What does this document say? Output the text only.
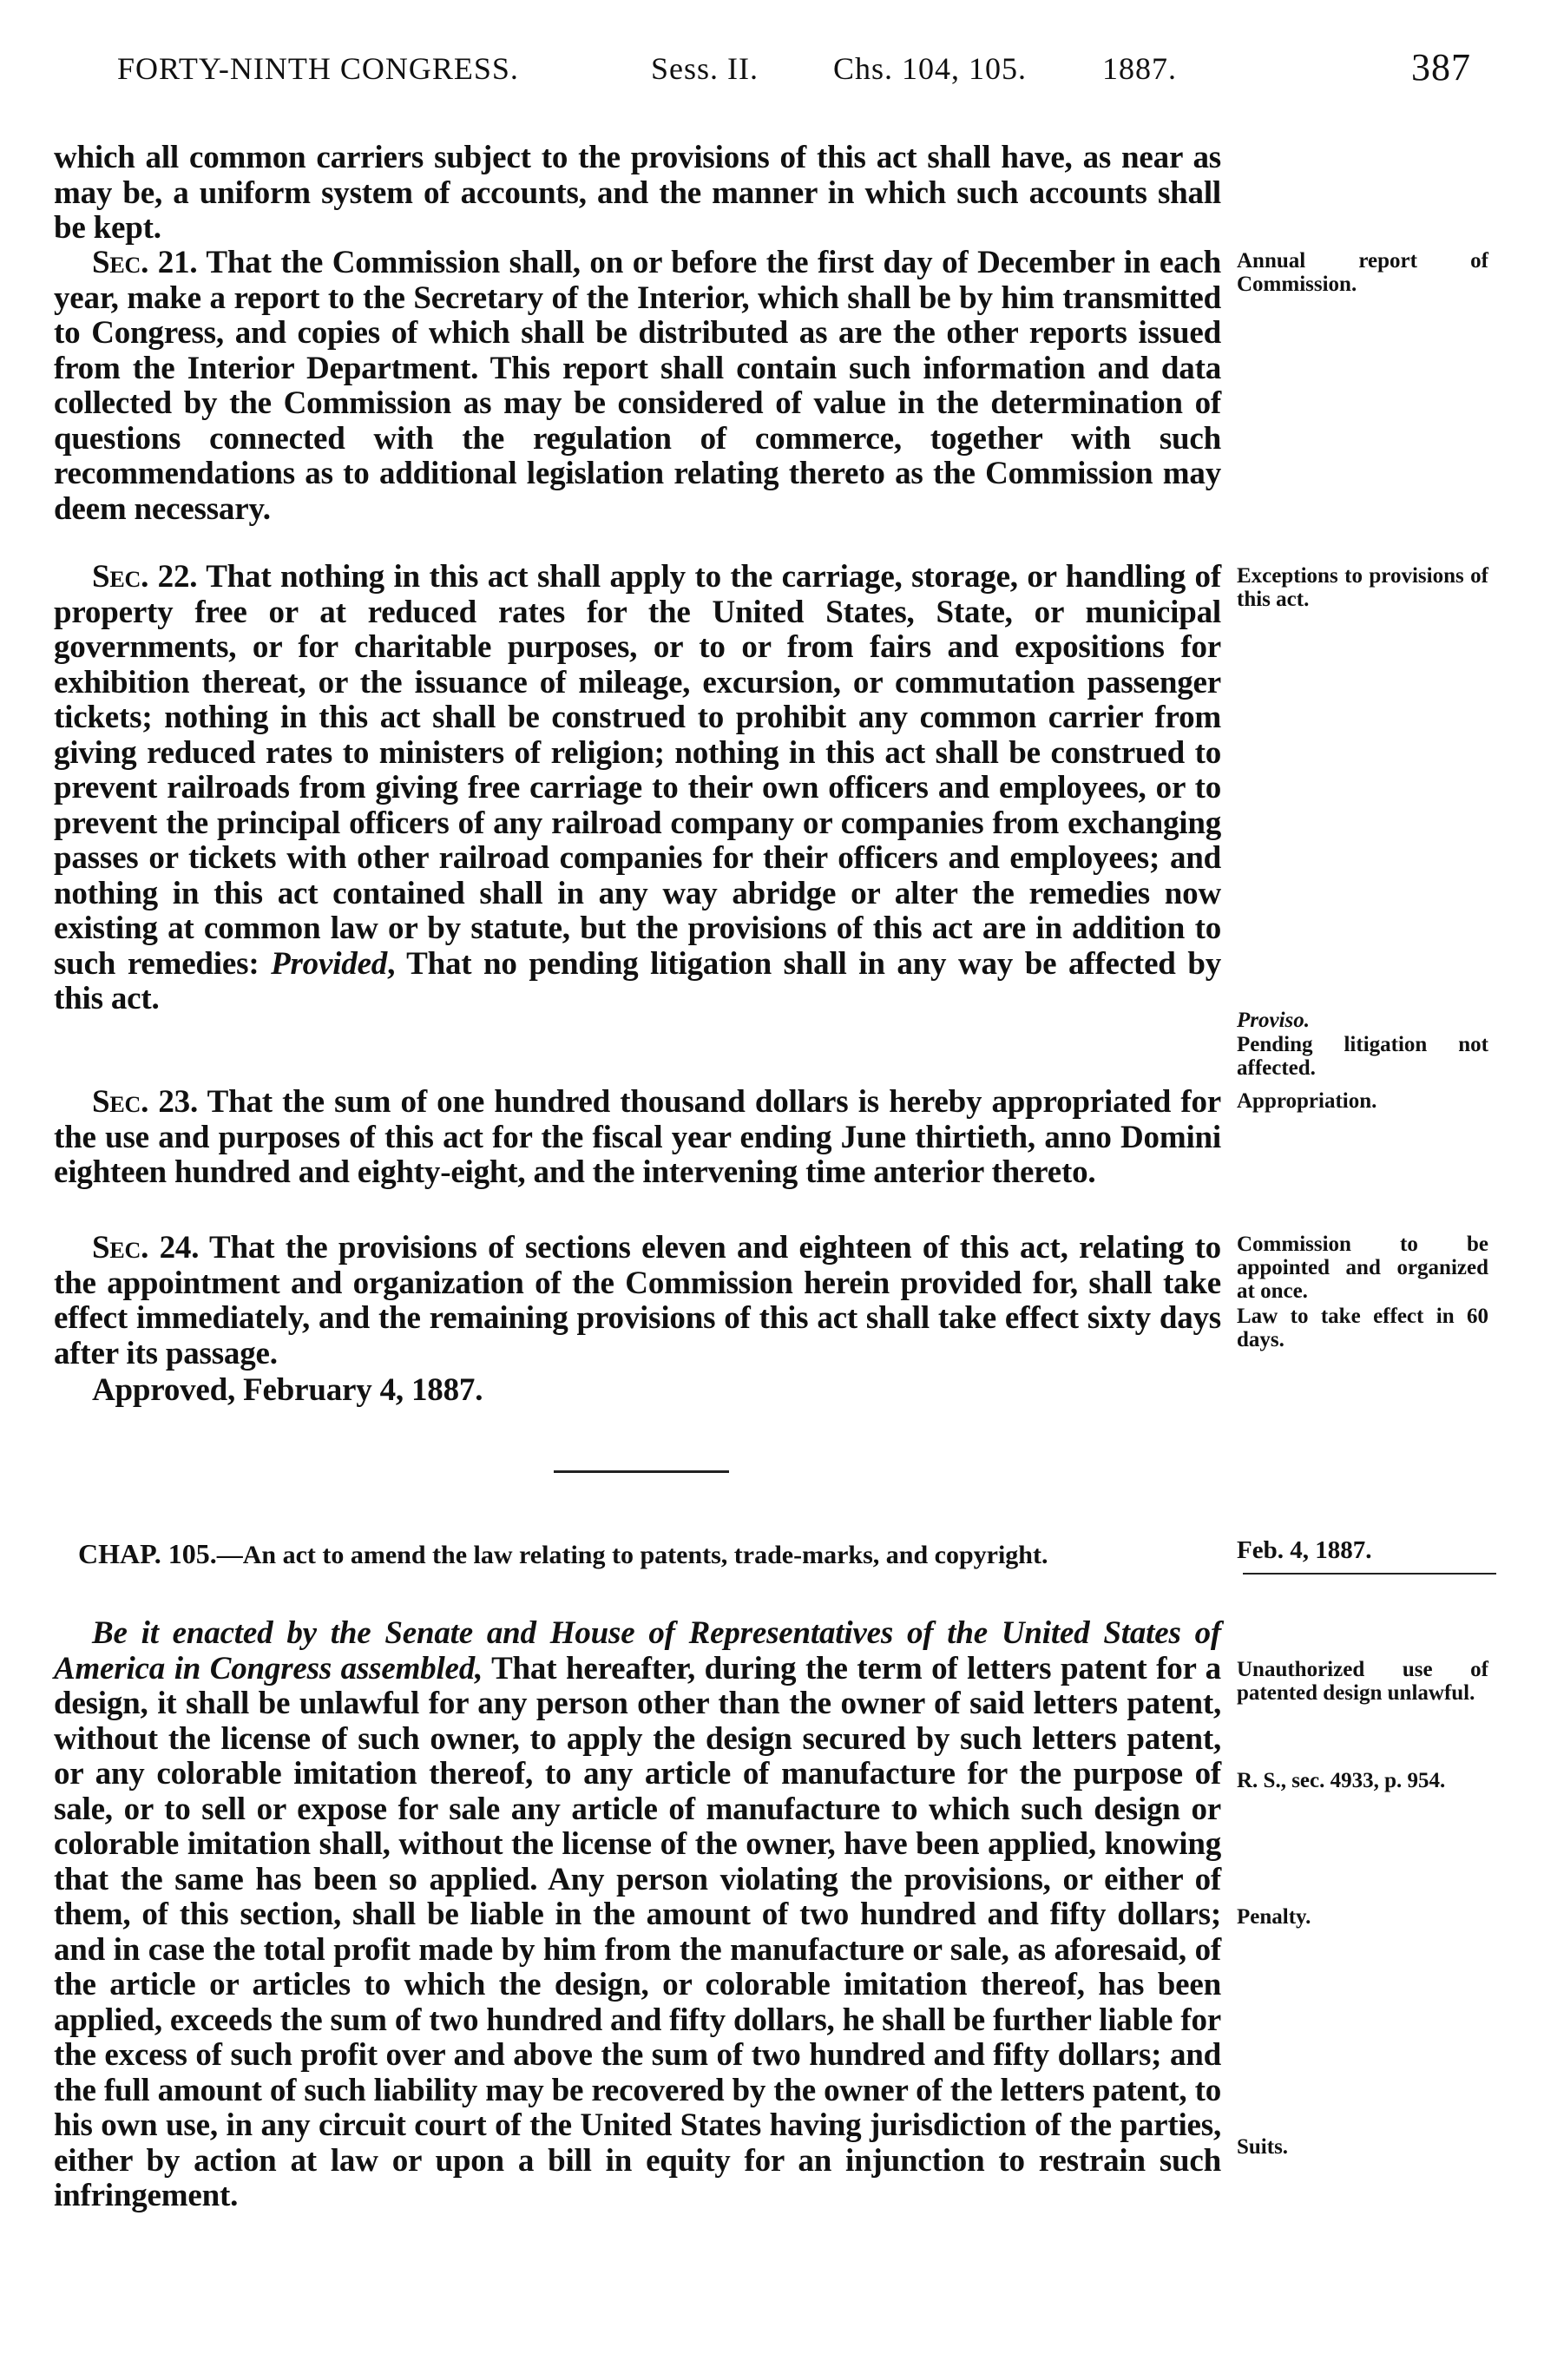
FORTY-NINTH CONGRESS.	Sess. II. Chs. 104, 105. 1887.	387

which all common carriers subject to the provisions of this act shall have, as near as may be, a uniform system of accounts, and the manner in which such accounts shall be kept.

Sec. 21. That the Commission shall, on or before the first day of December in each year, make a report to the Secretary of the Interior, which shall be by him transmitted to Congress, and copies of which shall be distributed as are the other reports issued from the Interior Department. This report shall contain such information and data collected by the Commission as may be considered of value in the determination of questions connected with the regulation of commerce, together with such recommendations as to additional legislation relating thereto as the Commission may deem necessary.

Annual report of Commission.

Sec. 22. That nothing in this act shall apply to the carriage, storage, or handling of property free or at reduced rates for the United States, State, or municipal governments, or for charitable purposes, or to or from fairs and expositions for exhibition thereat, or the issuance of mileage, excursion, or commutation passenger tickets; nothing in this act shall be construed to prohibit any common carrier from giving reduced rates to ministers of religion; nothing in this act shall be construed to prevent railroads from giving free carriage to their own officers and employees, or to prevent the principal officers of any railroad company or companies from exchanging passes or tickets with other railroad companies for their officers and employees; and nothing in this act contained shall in any way abridge or alter the remedies now existing at common law or by statute, but the provisions of this act are in addition to such remedies: Provided, That no pending litigation shall in any way be affected by this act.

Exceptions to provisions of this act.
Proviso.
Pending litigation not affected.

Sec. 23. That the sum of one hundred thousand dollars is hereby appropriated for the use and purposes of this act for the fiscal year ending June thirtieth, anno Domini eighteen hundred and eighty-eight, and the intervening time anterior thereto.

Appropriation.

Sec. 24. That the provisions of sections eleven and eighteen of this act, relating to the appointment and organization of the Commission herein provided for, shall take effect immediately, and the remaining provisions of this act shall take effect sixty days after its passage.

Commission to be appointed and organized at once.
Law to take effect in 60 days.

Approved, February 4, 1887.

CHAP. 105.—An act to amend the law relating to patents, trade-marks, and copyright.	Feb. 4, 1887.

Be it enacted by the Senate and House of Representatives of the United States of America in Congress assembled, That hereafter, during the term of letters patent for a design, it shall be unlawful for any person other than the owner of said letters patent, without the license of such owner, to apply the design secured by such letters patent, or any colorable imitation thereof, to any article of manufacture for the purpose of sale, or to sell or expose for sale any article of manufacture to which such design or colorable imitation shall, without the license of the owner, have been applied, knowing that the same has been so applied. Any person violating the provisions, or either of them, of this section, shall be liable in the amount of two hundred and fifty dollars; and in case the total profit made by him from the manufacture or sale, as aforesaid, of the article or articles to which the design, or colorable imitation thereof, has been applied, exceeds the sum of two hundred and fifty dollars, he shall be further liable for the excess of such profit over and above the sum of two hundred and fifty dollars; and the full amount of such liability may be recovered by the owner of the letters patent, to his own use, in any circuit court of the United States having jurisdiction of the parties, either by action at law or upon a bill in equity for an injunction to restrain such infringement.

Unauthorized use of patented design unlawful.
R. S., sec. 4933, p. 954.
Penalty.
Suits.
